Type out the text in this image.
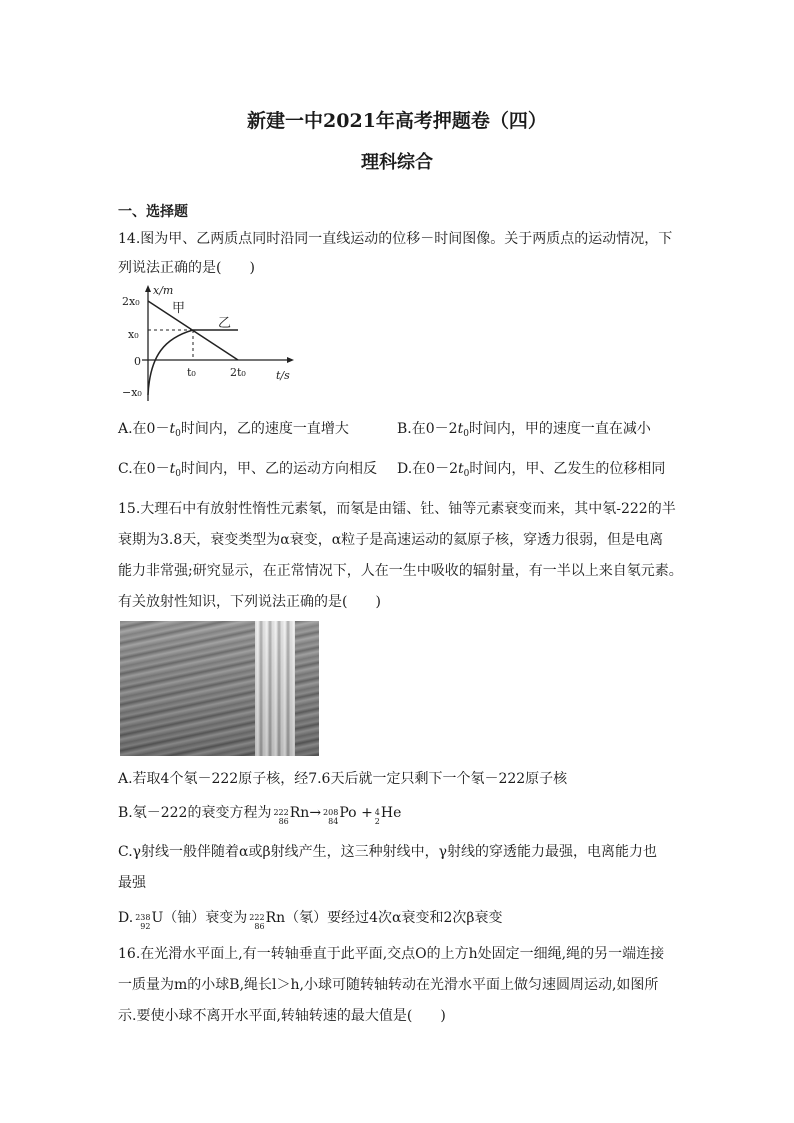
新建一中2021年高考押题卷（四）
理科综合
一、选择题
14.图为甲、乙两质点同时沿同一直线运动的位移－时间图像。关于两质点的运动情况，下
列说法正确的是(　　)
x/m
t/s
2x₀
x₀
0
−x₀
t₀	2t₀
甲
乙
A.在$0-t_0$时间内，乙的速度一直增大	B.在$0-2t_0$时间内，甲的速度一直在减小
C.在$0-t_0$时间内，甲、乙的运动方向相反 D.在$0-2t_0$时间内，甲、乙发生的位移相同
15.大理石中有放射性惰性元素氡，而氡是由镭、钍、铀等元素衰变而来，其中氡-222的半
衰期为3.8天，衰变类型为α衰变，α粒子是高速运动的氦原子核，穿透力很弱，但是电离
能力非常强;研究显示，在正常情况下，人在一生中吸收的辐射量，有一半以上来自氡元素。
有关放射性知识，下列说法正确的是(　　)
A.若取4个氡－222原子核，经7.6天后就一定只剩下一个氡－222原子核
B.氡－222的衰变方程为 222
86
Rn→ 208
84
Po + 4
2
He
C.γ射线一般伴随着α或β射线产生，这三种射线中，γ射线的穿透能力最强，电离能力也
最强
D. 238
92
U（铀）衰变为 222
86
Rn（氡）要经过4次α衰变和2次β衰变
16.在光滑水平面上,有一转轴垂直于此平面,交点O的上方h处固定一细绳,绳的另一端连接
一质量为m的小球B,绳长l＞h,小球可随转轴转动在光滑水平面上做匀速圆周运动,如图所
示.要使小球不离开水平面,转轴转速的最大值是(　　)
